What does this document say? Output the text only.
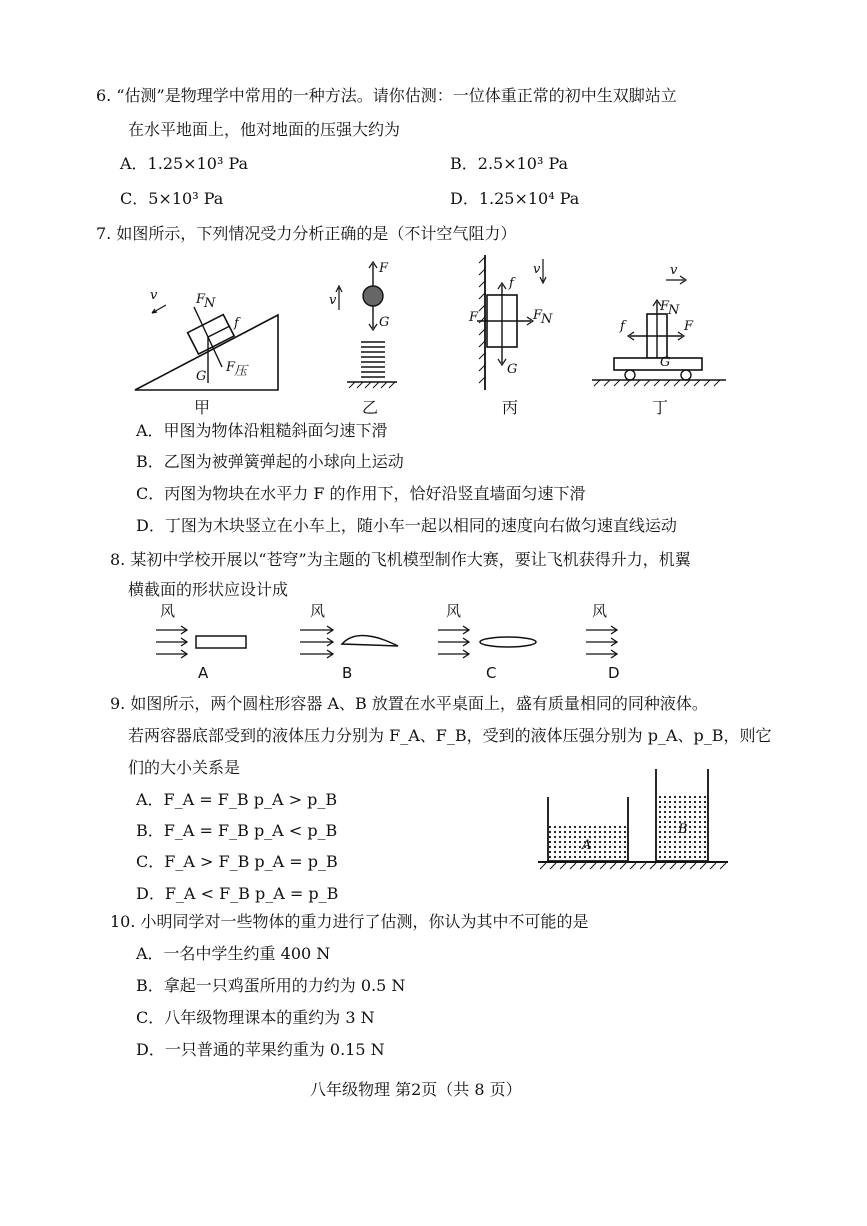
6. “估测”是物理学中常用的一种方法。请你估测：一位体重正常的初中生双脚站立
在水平地面上，他对地面的压强大约为
A．1.25×10³ Pa	B．2.5×10³ Pa
C．5×10³ Pa	D．1.25×10⁴ Pa
7. 如图所示，下列情况受力分析正确的是（不计空气阻力）
v	F
N
f
G
F
压
甲
v
F
G
乙
v
f
F	F
N
G
丙
v
F
N
f	F
G
丁
A．甲图为物体沿粗糙斜面匀速下滑
B．乙图为被弹簧弹起的小球向上运动
C．丙图为物块在水平力 F 的作用下，恰好沿竖直墙面匀速下滑
D．丁图为木块竖立在小车上，随小车一起以相同的速度向右做匀速直线运动
8. 某初中学校开展以“苍穹”为主题的飞机模型制作大赛，要让飞机获得升力，机翼
横截面的形状应设计成
风
A
风
B
风
C
风
D
9. 如图所示，两个圆柱形容器 A、B 放置在水平桌面上，盛有质量相同的同种液体。
若两容器底部受到的液体压力分别为 F_A、F_B，受到的液体压强分别为 p_A、p_B，则它
们的大小关系是
A．F_A = F_B p_A > p_B
B．F_A = F_B p_A < p_B
C．F_A > F_B p_A = p_B
D．F_A < F_B p_A = p_B
A
B
10. 小明同学对一些物体的重力进行了估测，你认为其中不可能的是
A．一名中学生约重 400 N
B．拿起一只鸡蛋所用的力约为 0.5 N
C．八年级物理课本的重约为 3 N
D．一只普通的苹果约重为 0.15 N
八年级物理 第2页（共 8 页）
